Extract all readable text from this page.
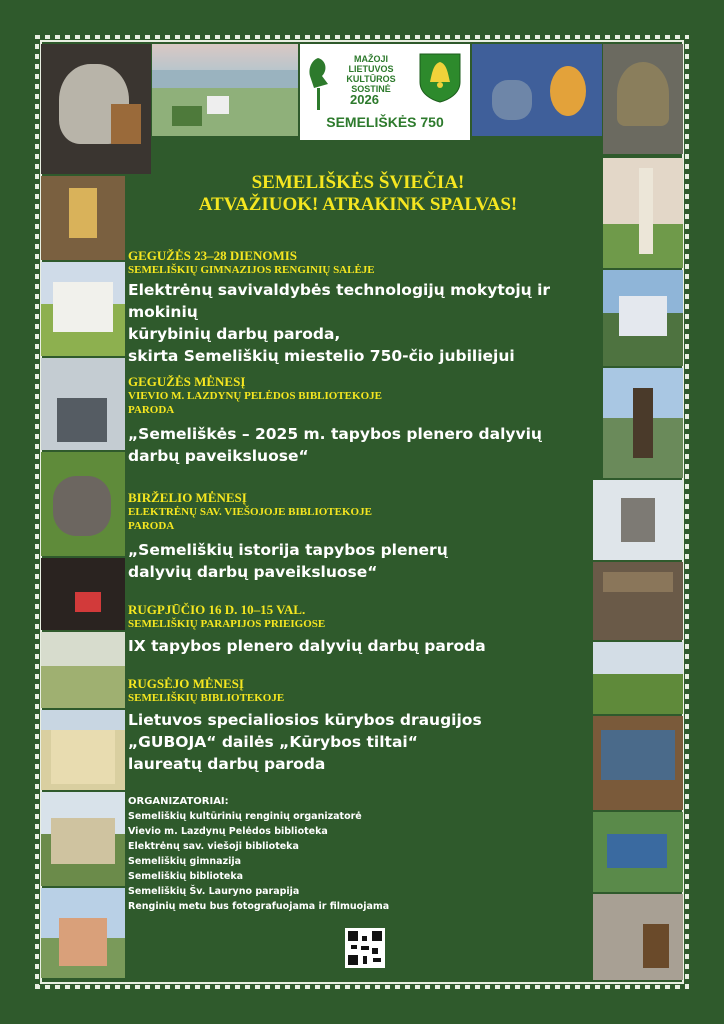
MAŽOJI
LIETUVOS
KULTŪROS
SOSTINĖ
2026
SEMELIŠKĖS 750
SEMELIŠKĖS ŠVIEČIA!
ATVAŽIUOK! ATRAKINK SPALVAS!
GEGUŽĖS 23–28 DIENOMIS
SEMELIŠKIŲ GIMNAZIJOS RENGINIŲ SALĖJE
Elektrėnų savivaldybės technologijų mokytojų ir mokinių
kūrybinių darbų paroda,
skirta Semeliškių miestelio 750-čio jubiliejui
GEGUŽĖS MĖNESĮ
VIEVIO M. LAZDYNŲ PELĖDOS BIBLIOTEKOJE
PARODA
„Semeliškės – 2025 m. tapybos plenero dalyvių
darbų paveiksluose“
BIRŽELIO MĖNESĮ
ELEKTRĖNŲ SAV. VIEŠOJOJE BIBLIOTEKOJE
PARODA
„Semeliškių istorija tapybos plenerų
dalyvių darbų paveiksluose“
RUGPJŪČIO 16 D. 10–15 VAL.
SEMELIŠKIŲ PARAPIJOS PRIEIGOSE
IX tapybos plenero dalyvių darbų paroda
RUGSĖJO MĖNESĮ
SEMELIŠKIŲ BIBLIOTEKOJE
Lietuvos specialiosios kūrybos draugijos
„GUBOJA“ dailės „Kūrybos tiltai“
laureatų darbų paroda
ORGANIZATORIAI:
Semeliškių kultūrinių renginių organizatorė
Vievio m. Lazdynų Pelėdos biblioteka
Elektrėnų sav. viešoji biblioteka
Semeliškių gimnazija
Semeliškių biblioteka
Semeliškių Šv. Lauryno parapija
Renginių metu bus fotografuojama ir filmuojama
